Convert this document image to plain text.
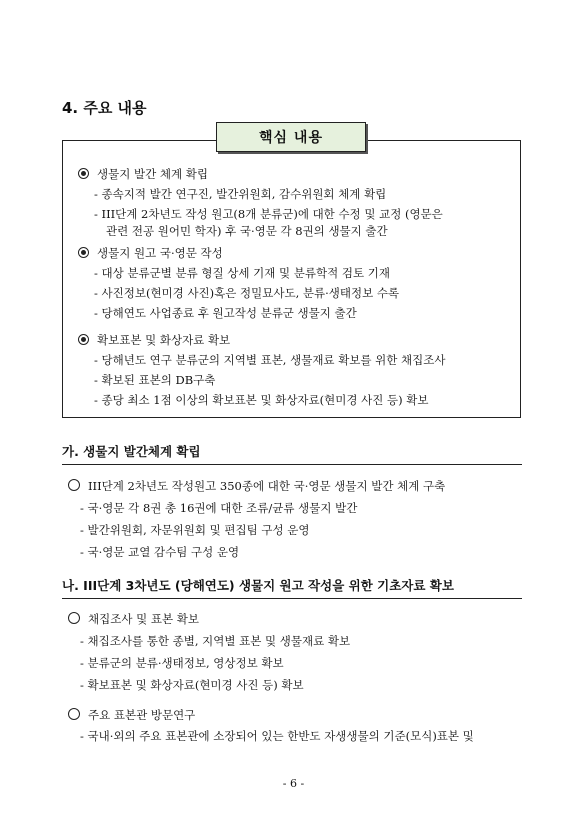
4. 주요 내용
핵심 내용
생물지 발간 체계 확립
- 종속지적 발간 연구진, 발간위원회, 감수위원회 체계 확립
- III단계 2차년도 작성 원고(8개 분류군)에 대한 수정 및 교정 (영문은
관련 전공 원어민 학자) 후 국·영문 각 8권의 생물지 출간
생물지 원고 국·영문 작성
- 대상 분류군별 분류 형질 상세 기재 및 분류학적 검토 기재
- 사진정보(현미경 사진)혹은 정밀묘사도, 분류·생태정보 수록
- 당해연도 사업종료 후 원고작성 분류군 생물지 출간
확보표본 및 화상자료 확보
- 당해년도 연구 분류군의 지역별 표본, 생물재료 확보를 위한 채집조사
- 확보된 표본의 DB구축
- 종당 최소 1점 이상의 확보표본 및 화상자료(현미경 사진 등) 확보
가. 생물지 발간체계 확립
III단계 2차년도 작성원고 350종에 대한 국·영문 생물지 발간 체계 구축
- 국·영문 각 8권 총 16권에 대한 조류/균류 생물지 발간
- 발간위원회, 자문위원회 및 편집팀 구성 운영
- 국·영문 교열 감수팀 구성 운영
나. III단계 3차년도 (당해연도) 생물지 원고 작성을 위한 기초자료 확보
채집조사 및 표본 확보
- 채집조사를 통한 종별, 지역별 표본 및 생물재료 확보
- 분류군의 분류·생태정보, 영상정보 확보
- 확보표본 및 화상자료(현미경 사진 등) 확보
주요 표본관 방문연구
- 국내·외의 주요 표본관에 소장되어 있는 한반도 자생생물의 기준(모식)표본 및
- 6 -
